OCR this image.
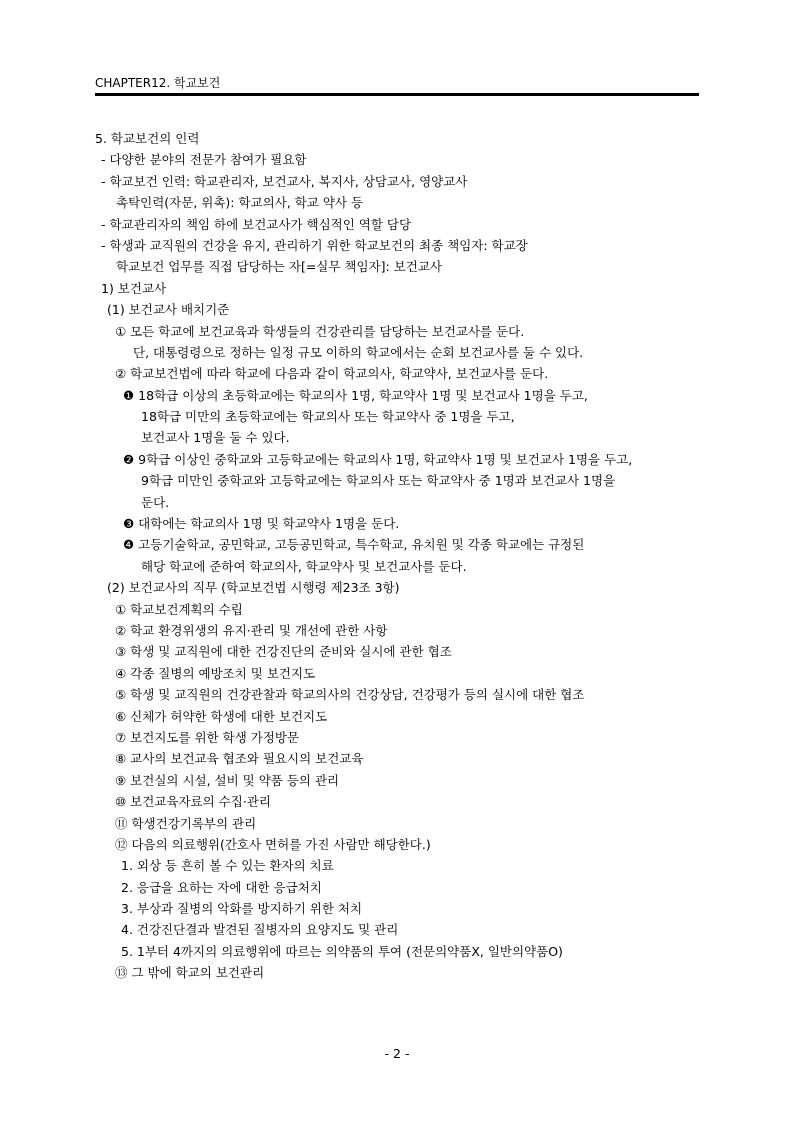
CHAPTER12. 학교보건
5. 학교보건의 인력
- 다양한 분야의 전문가 참여가 필요함
- 학교보건 인력: 학교관리자, 보건교사, 복지사, 상담교사, 영양교사
촉탁인력(자문, 위촉): 학교의사, 학교 약사 등
- 학교관리자의 책임 하에 보건교사가 핵심적인 역할 담당
- 학생과 교직원의 건강을 유지, 관리하기 위한 학교보건의 최종 책임자: 학교장
학교보건 업무를 직접 담당하는 자[=실무 책임자]: 보건교사
1) 보건교사
(1) 보건교사 배치기준
① 모든 학교에 보건교육과 학생들의 건강관리를 담당하는 보건교사를 둔다.
단, 대통령령으로 정하는 일정 규모 이하의 학교에서는 순회 보건교사를 둘 수 있다.
② 학교보건법에 따라 학교에 다음과 같이 학교의사, 학교약사, 보건교사를 둔다.
❶ 18학급 이상의 초등학교에는 학교의사 1명, 학교약사 1명 및 보건교사 1명을 두고,
18학급 미만의 초등학교에는 학교의사 또는 학교약사 중 1명을 두고,
보건교사 1명을 둘 수 있다.
❷ 9학급 이상인 중학교와 고등학교에는 학교의사 1명, 학교약사 1명 및 보건교사 1명을 두고,
9학급 미만인 중학교와 고등학교에는 학교의사 또는 학교약사 중 1명과 보건교사 1명을
둔다.
❸ 대학에는 학교의사 1명 및 학교약사 1명을 둔다.
❹ 고등기술학교, 공민학교, 고등공민학교, 특수학교, 유치원 및 각종 학교에는 규정된
해당 학교에 준하여 학교의사, 학교약사 및 보건교사를 둔다.
(2) 보건교사의 직무 (학교보건법 시행령 제23조 3항)
① 학교보건계획의 수립
② 학교 환경위생의 유지·관리 및 개선에 관한 사항
③ 학생 및 교직원에 대한 건강진단의 준비와 실시에 관한 협조
④ 각종 질병의 예방조치 및 보건지도
⑤ 학생 및 교직원의 건강관찰과 학교의사의 건강상담, 건강평가 등의 실시에 대한 협조
⑥ 신체가 허약한 학생에 대한 보건지도
⑦ 보건지도를 위한 학생 가정방문
⑧ 교사의 보건교육 협조와 필요시의 보건교육
⑨ 보건실의 시설, 설비 및 약품 등의 관리
⑩ 보건교육자료의 수집·관리
⑪ 학생건강기록부의 관리
⑫ 다음의 의료행위(간호사 면허를 가진 사람만 해당한다.)
1. 외상 등 흔히 볼 수 있는 환자의 치료
2. 응급을 요하는 자에 대한 응급처치
3. 부상과 질병의 악화를 방지하기 위한 처치
4. 건강진단결과 발견된 질병자의 요양지도 및 관리
5. 1부터 4까지의 의료행위에 따르는 의약품의 투여 (전문의약품X, 일반의약품O)
⑬ 그 밖에 학교의 보건관리
- 2 -
